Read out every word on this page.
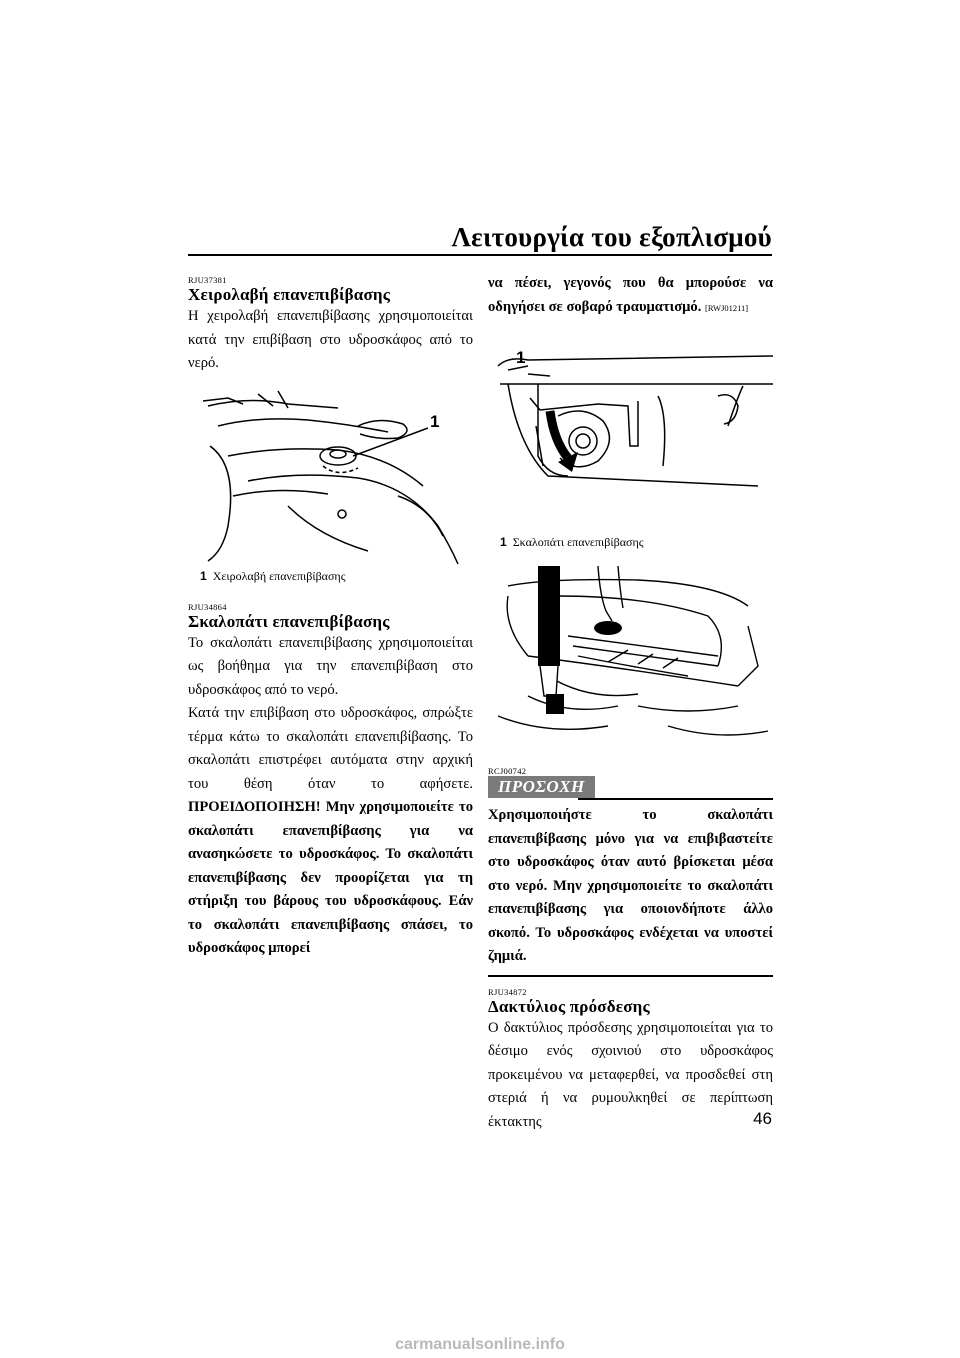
Λειτουργία του εξοπλισμού
RJU37381
Χειρολαβή επανεπιβίβασης

Η χειρολαβή επανεπιβίβασης χρησιμοποιείται κατά την επιβίβαση στο υδροσκάφος από το νερό.

1
1 Χειρολαβή επανεπιβίβασης
RJU34864
Σκαλοπάτι επανεπιβίβασης

Το σκαλοπάτι επανεπιβίβασης χρησιμοποιείται ως βοήθημα για την επανεπιβίβαση στο υδροσκάφος από το νερό.

Κατά την επιβίβαση στο υδροσκάφος, σπρώξτε τέρμα κάτω το σκαλοπάτι επανεπιβίβασης. Το σκαλοπάτι επιστρέφει αυτόματα στην αρχική του θέση όταν το αφήσετε. ΠΡΟΕΙΔΟΠΟΙΗΣΗ! Μην χρησιμοποιείτε το σκαλοπάτι επανεπιβίβασης για να ανασηκώσετε το υδροσκάφος. Το σκαλοπάτι επανεπιβίβασης δεν προορίζεται για τη στήριξη του βάρους του υδροσκάφους. Εάν το σκαλοπάτι επανεπιβίβασης σπάσει, το υδροσκάφος μπορεί

να πέσει, γεγονός που θα μπορούσε να οδηγήσει σε σοβαρό τραυματισμό. [RWJ01211]

1
1 Σκαλοπάτι επανεπιβίβασης
RCJ00742
ΠΡΟΣΟΧΗ

Χρησιμοποιήστε το σκαλοπάτι επανεπιβίβασης μόνο για να επιβιβαστείτε στο υδροσκάφος όταν αυτό βρίσκεται μέσα στο νερό. Μην χρησιμοποιείτε το σκαλοπάτι επανεπιβίβασης για οποιονδήποτε άλλο σκοπό. Το υδροσκάφος ενδέχεται να υποστεί ζημιά.

RJU34872
Δακτύλιος πρόσδεσης

Ο δακτύλιος πρόσδεσης χρησιμοποιείται για το δέσιμο ενός σχοινιού στο υδροσκάφος προκειμένου να μεταφερθεί, να προσδεθεί στη στεριά ή να ρυμουλκηθεί σε περίπτωση έκτακτης	46
carmanualsonline.info
